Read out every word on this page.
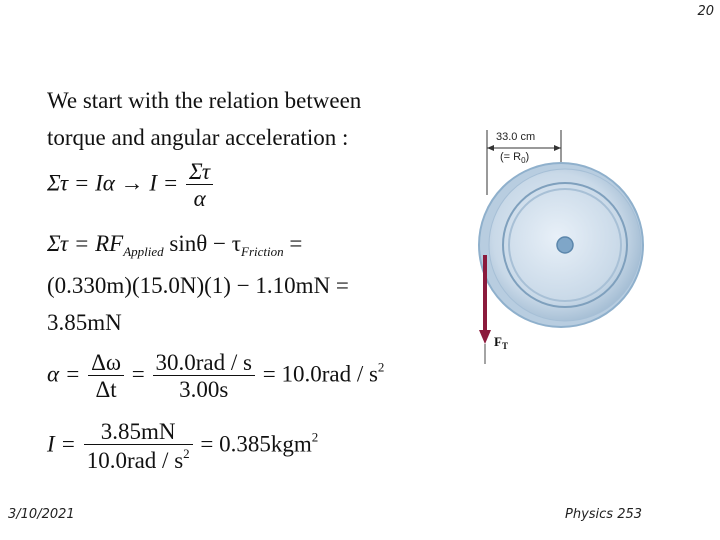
20
We start with the relation between
torque and angular acceleration :
$\Sigma\tau = I\alpha \to I = \frac{\Sigma\tau}{\alpha}$
$\Sigma\tau = RF_{Applied}$ $\sin\theta - \tau_{Friction}$ =
(0.330m)(15.0N)(1) − 1.10mN =
3.85mN
$\alpha = \frac{\Delta\omega}{\Delta t} = \frac{\text{30.0rad / s}}{3.00s} = 10.0rad / s^2$
$I = \frac{3.85mN}{10.0rad / s^2} = 0.385kgm^2$
33.0 cm
(= $R_0$)
$F_T$
3/10/2021	Physics 253
